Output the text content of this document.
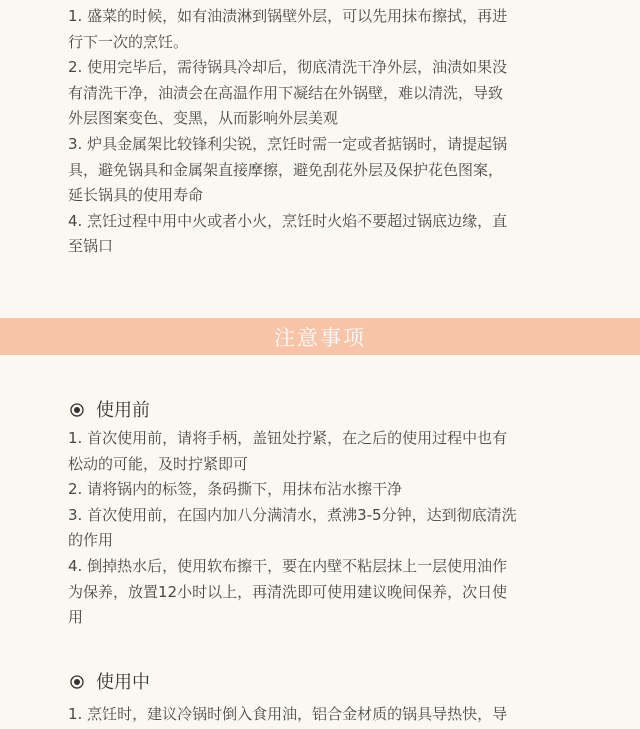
1. 盛菜的时候，如有油渍淋到锅壁外层，可以先用抹布擦拭，再进
行下一次的烹饪。
2. 使用完毕后，需待锅具冷却后，彻底清洗干净外层，油渍如果没
有清洗干净，油渍会在高温作用下凝结在外锅壁，难以清洗，导致
外层图案变色、变黑，从而影响外层美观
3. 炉具金属架比较锋利尖锐，烹饪时需一定或者掂锅时，请提起锅
具，避免锅具和金属架直接摩擦，避免刮花外层及保护花色图案，
延长锅具的使用寿命
4. 烹饪过程中用中火或者小火，烹饪时火焰不要超过锅底边缘，直
至锅口
注意事项
使用前
1. 首次使用前，请将手柄，盖钮处拧紧，在之后的使用过程中也有
松动的可能，及时拧紧即可
2. 请将锅内的标签，条码撕下，用抹布沾水擦干净
3. 首次使用前，在国内加八分满清水，煮沸3-5分钟，达到彻底清洗
的作用
4. 倒掉热水后，使用软布擦干，要在内壁不粘层抹上一层使用油作
为保养，放置12小时以上，再清洗即可使用建议晚间保养，次日使
用
使用中
1. 烹饪时，建议冷锅时倒入食用油，铝合金材质的锅具导热快，导
